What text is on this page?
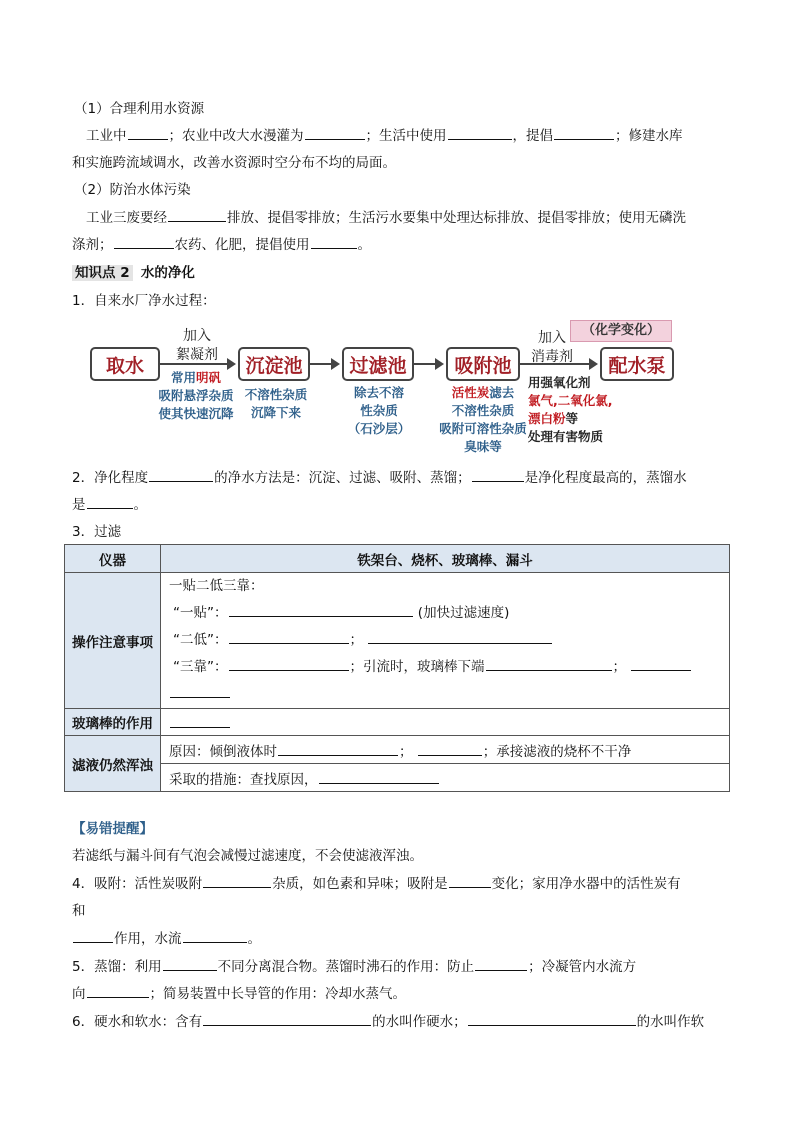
（1）合理利用水资源
工业中	；农业中改大水漫灌为	；生活中使用	，提倡	；修建水库
和实施跨流域调水，改善水资源时空分布不均的局面。
（2）防治水体污染
工业三废要经	排放、提倡零排放；生活污水要集中处理达标排放、提倡零排放；使用无磷洗
涤剂；	农药、化肥，提倡使用	。
知识点 2 水的净化
1．自来水厂净水过程：
取水	沉淀池	过滤池	吸附池	配水泵
加入
絮凝剂
加入
消毒剂
（化学变化）
常用明矾
吸附悬浮杂质
使其快速沉降
不溶性杂质
沉降下来
除去不溶
性杂质
（石沙层）
活性炭滤去
不溶性杂质
吸附可溶性杂质
臭味等
用强氧化剂
氯气,二氧化氯,
漂白粉等
处理有害物质
2．净化程度	的净水方法是：沉淀、过滤、吸附、蒸馏；	是净化程度最高的，蒸馏水
是	。
3．过滤
仪器	铁架台、烧杯、玻璃棒、漏斗
操作注意事项	一贴二低三靠：
“一贴”： (加快过滤速度)
“二低”： ；
“三靠”： ；引流时，玻璃棒下端 ；

玻璃棒的作用	
滤液仍然浑浊	原因：倾倒液体时 ； ；承接滤液的烧杯不干净
	采取的措施：查找原因，
【易错提醒】
若滤纸与漏斗间有气泡会减慢过滤速度，不会使滤液浑浊。
4．吸附：活性炭吸附	杂质，如色素和异味；吸附是	变化；家用净水器中的活性炭有
和
作用，水流	。
5．蒸馏：利用	不同分离混合物。蒸馏时沸石的作用：防止	；冷凝管内水流方
向	；简易装置中长导管的作用：冷却水蒸气。
6．硬水和软水：含有	的水叫作硬水；	的水叫作软
